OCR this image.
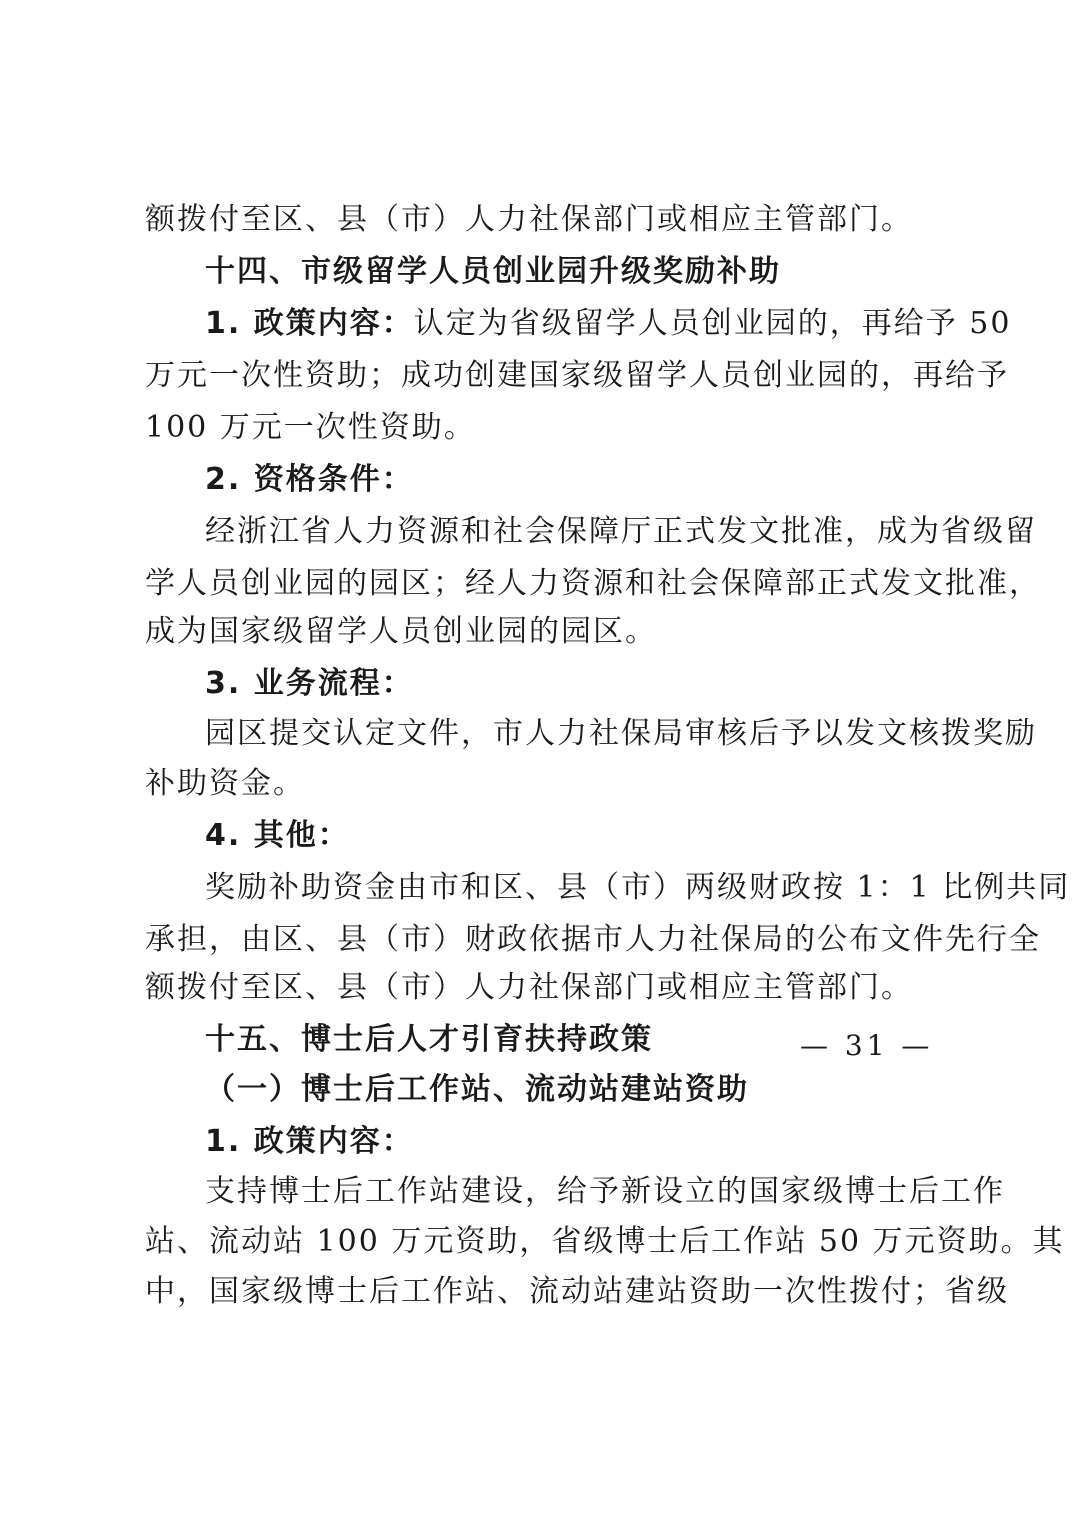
额拨付至区、县（市）人力社保部门或相应主管部门。
十四、市级留学人员创业园升级奖励补助
1. 政策内容：认定为省级留学人员创业园的，再给予 50
万元一次性资助；成功创建国家级留学人员创业园的，再给予
100 万元一次性资助。
2. 资格条件：
经浙江省人力资源和社会保障厅正式发文批准，成为省级留
学人员创业园的园区；经人力资源和社会保障部正式发文批准，
成为国家级留学人员创业园的园区。
3. 业务流程：
园区提交认定文件，市人力社保局审核后予以发文核拨奖励
补助资金。
4. 其他：
奖励补助资金由市和区、县（市）两级财政按 1：1 比例共同
承担，由区、县（市）财政依据市人力社保局的公布文件先行全
额拨付至区、县（市）人力社保部门或相应主管部门。
十五、博士后人才引育扶持政策
（一）博士后工作站、流动站建站资助
1. 政策内容：
支持博士后工作站建设，给予新设立的国家级博士后工作
站、流动站 100 万元资助，省级博士后工作站 50 万元资助。其
中，国家级博士后工作站、流动站建站资助一次性拨付；省级
— 31 —
